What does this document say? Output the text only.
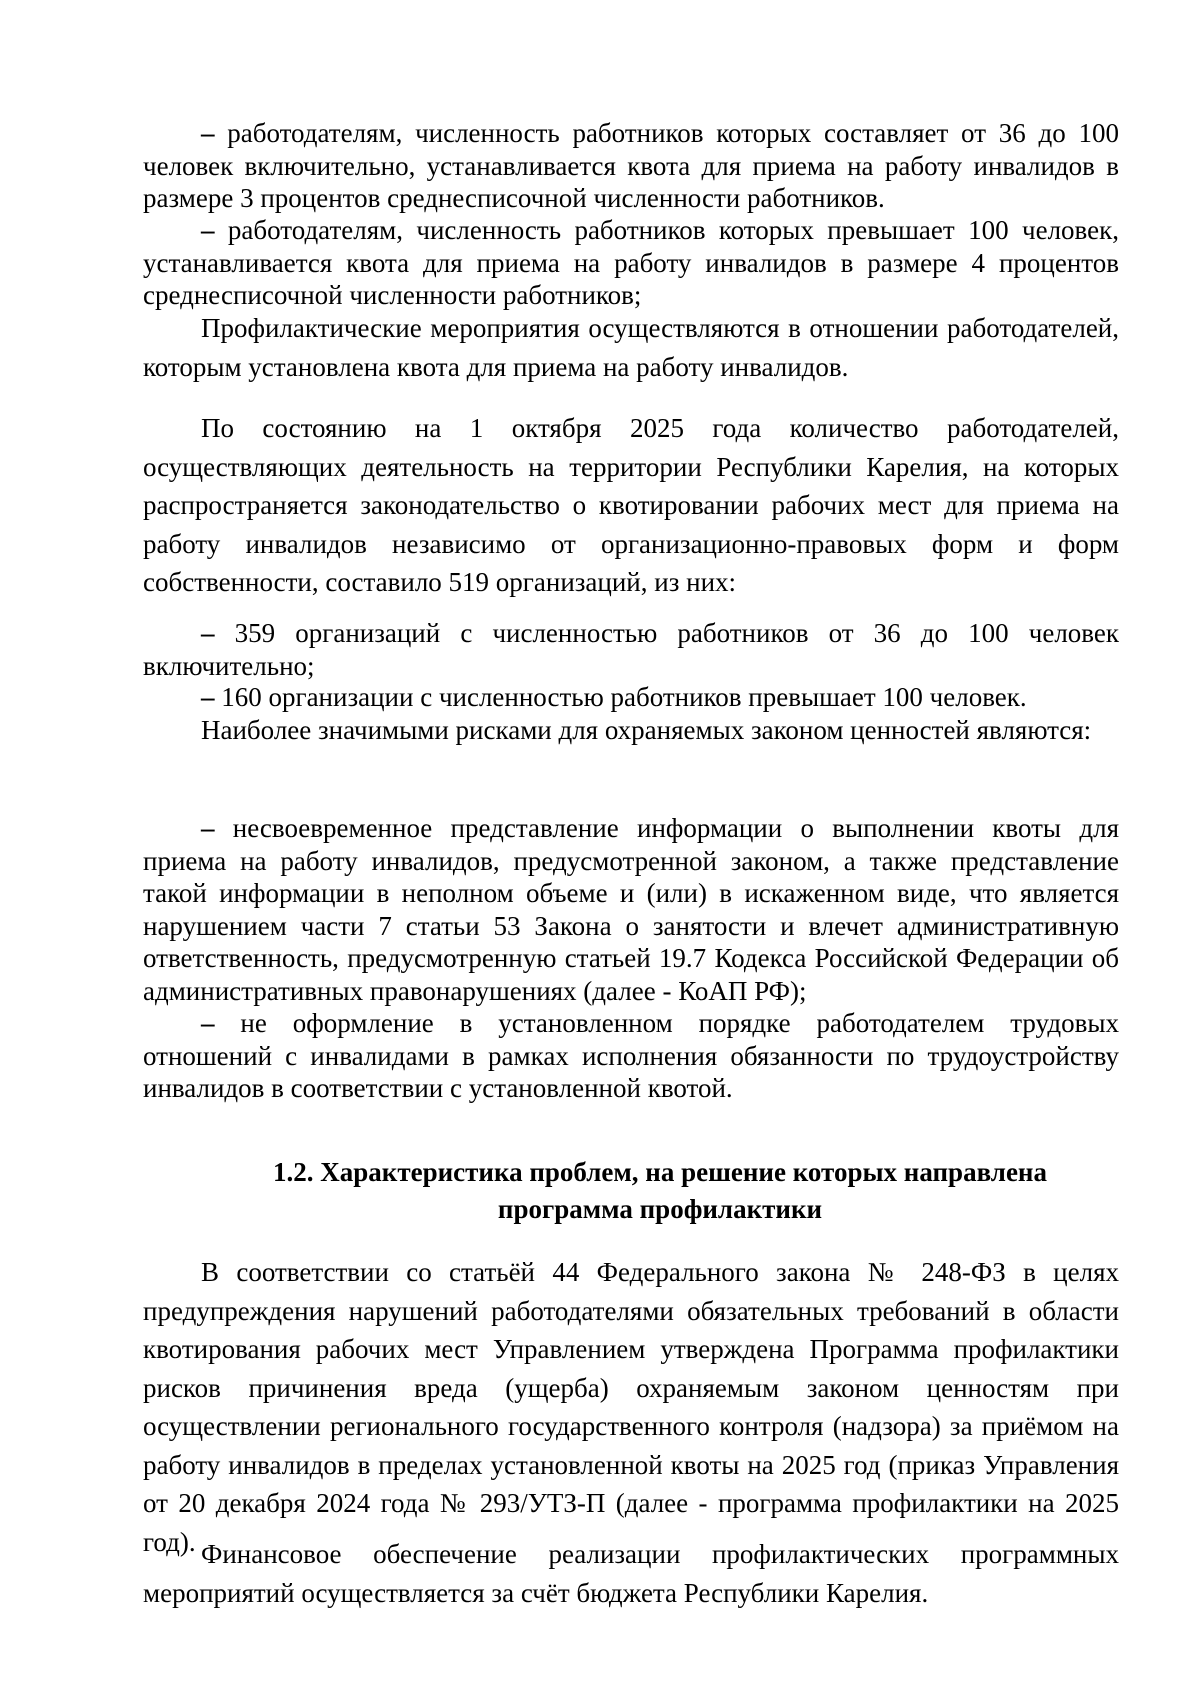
– работодателям, численность работников которых составляет от 36 до 100 человек включительно, устанавливается квота для приема на работу инвалидов в размере 3 процентов среднесписочной численности работников.

– работодателям, численность работников которых превышает 100 человек, устанавливается квота для приема на работу инвалидов в размере 4 процентов среднесписочной численности работников;

Профилактические мероприятия осуществляются в отношении работодателей, которым установлена квота для приема на работу инвалидов.

По состоянию на 1 октября 2025 года количество работодателей, осуществляющих деятельность на территории Республики Карелия, на которых распространяется законодательство о квотировании рабочих мест для приема на работу инвалидов независимо от организационно-правовых форм и форм собственности, составило 519 организаций, из них:

– 359 организаций с численностью работников от 36 до 100 человек включительно;

– 160 организации с численностью работников превышает 100 человек.

Наиболее значимыми рисками для охраняемых законом ценностей являются:

– несвоевременное представление информации о выполнении квоты для приема на работу инвалидов, предусмотренной законом, а также представление такой информации в неполном объеме и (или) в искаженном виде, что является нарушением части 7 статьи 53 Закона о занятости и влечет административную ответственность, предусмотренную статьей 19.7 Кодекса Российской Федерации об административных правонарушениях (далее - КоАП РФ);

– не оформление в установленном порядке работодателем трудовых отношений с инвалидами в рамках исполнения обязанности по трудоустройству инвалидов в соответствии с установленной квотой.

1.2. Характеристика проблем, на решение которых направлена
программа профилактики

В соответствии со статьёй 44 Федерального закона № 248-ФЗ в целях предупреждения нарушений работодателями обязательных требований в области квотирования рабочих мест Управлением утверждена Программа профилактики рисков причинения вреда (ущерба) охраняемым законом ценностям при осуществлении регионального государственного контроля (надзора) за приёмом на работу инвалидов в пределах установленной квоты на 2025 год (приказ Управления от 20 декабря 2024 года № 293/УТЗ-П (далее - программа профилактики на 2025 год). Финансовое обеспечение реализации профилактических программных мероприятий осуществляется за счёт бюджета Республики Карелия.
